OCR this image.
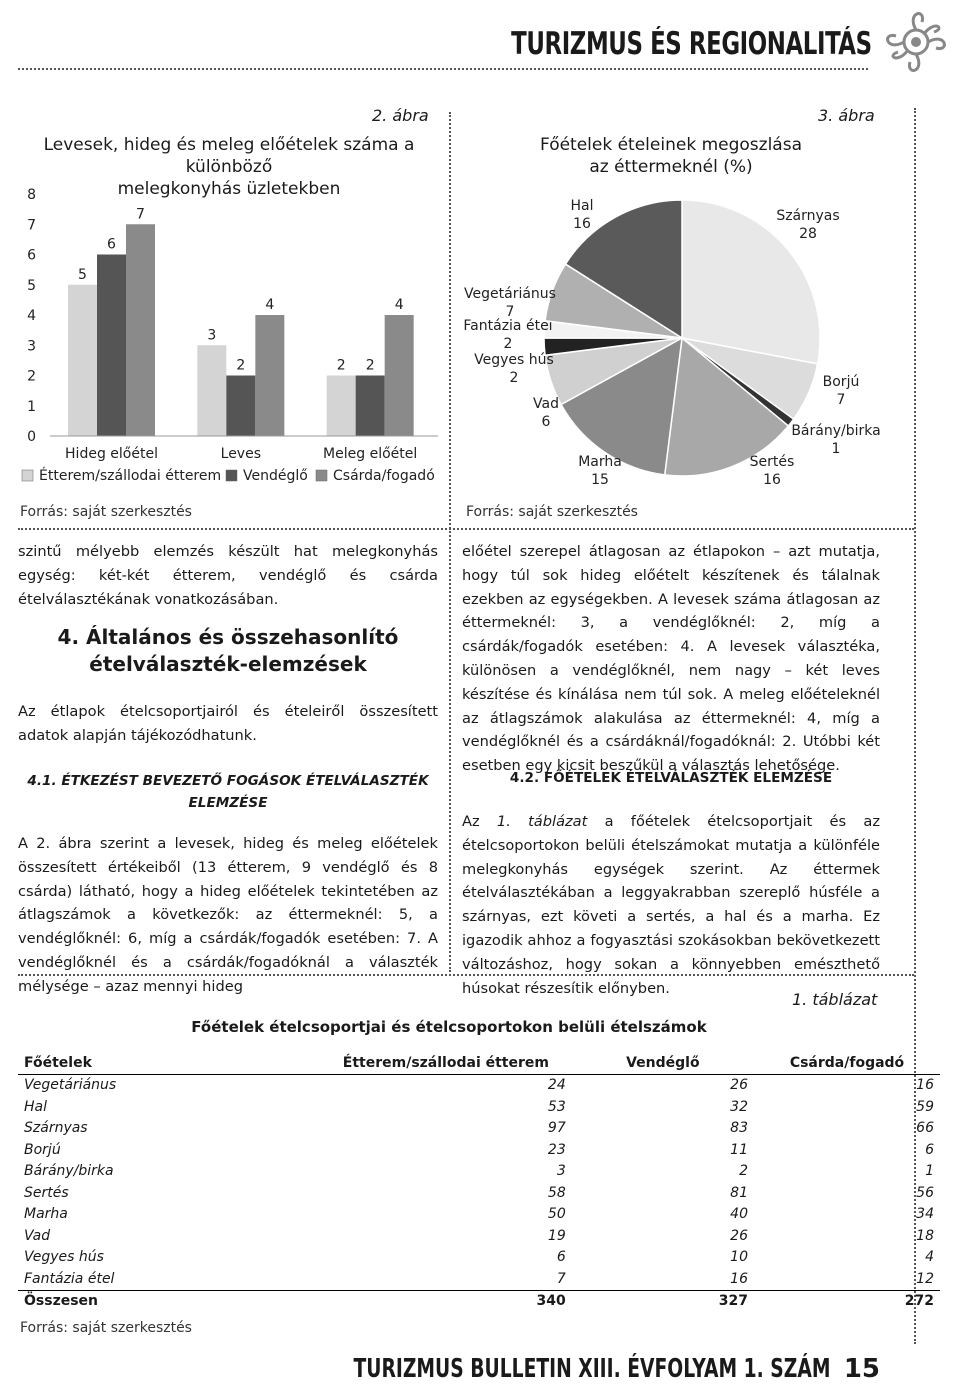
TURIZMUS ÉS REGIONALITÁS
2. ábra
Levesek, hideg és meleg előételek száma a különböző
melegkonyhás üzletekben
0
1
2
3
4
5
6
7
8
5
6
7
Hideg előétel
3
2
4
Leves
2 2
4
Meleg előétel
Étterem/szállodai étterem Vendéglő Csárda/fogadó
Forrás: saját szerkesztés
3. ábra
Főételek ételeinek megoszlása
az éttermeknél (%)
Szárnyas
28
Borjú
7
Bárány/birka
1
Sertés
16
Marha
15
Vad
6
Vegyes hús
2
Fantázia étel
2
Vegetáriánus
7
Hal
16
Forrás: saját szerkesztés
szintű mélyebb elemzés készült hat melegkonyhás egység: két-két étterem, vendéglő és csárda ételválasztékának vonatkozásában.
4. Általános és összehasonlító
ételválaszték-elemzések
Az étlapok ételcsoportjairól és ételeiről összesített adatok alapján tájékozódhatunk.
4.1. ÉTKEZÉST BEVEZETŐ FOGÁSOK ÉTELVÁLASZTÉK
ELEMZÉSE
A 2. ábra szerint a levesek, hideg és meleg előételek összesített értékeiből (13 étterem, 9 vendéglő és 8 csárda) látható, hogy a hideg előételek tekintetében az átlagszámok a következők: az éttermeknél: 5, a vendéglőknél: 6, míg a csárdák/fogadók esetében: 7. A vendéglőknél és a csárdák/fogadóknál a választék mélysége – azaz mennyi hideg
előétel szerepel átlagosan az étlapokon – azt mutatja, hogy túl sok hideg előételt készítenek és tálalnak ezekben az egységekben. A levesek száma átlagosan az éttermeknél: 3, a vendéglőknél: 2, míg a csárdák/fogadók esetében: 4. A levesek választéka, különösen a vendéglőknél, nem nagy – két leves készítése és kínálása nem túl sok. A meleg előételeknél az átlagszámok alakulása az éttermeknél: 4, míg a vendéglőknél és a csárdáknál/fogadóknál: 2. Utóbbi két esetben egy kicsit beszűkül a választás lehetősége.
4.2. FŐÉTELEK ÉTELVÁLASZTÉK ELEMZÉSE
Az 1. táblázat a főételek ételcsoportjait és az ételcsoportokon belüli ételszámokat mutatja a különféle melegkonyhás egységek szerint. Az éttermek ételválasztékában a leggyakrabban szereplő húsféle a szárnyas, ezt követi a sertés, a hal és a marha. Ez igazodik ahhoz a fogyasztási szokásokban bekövetkezett változáshoz, hogy sokan a könnyebben emészthető húsokat részesítik előnyben.
1. táblázat
Főételek ételcsoportjai és ételcsoportokon belüli ételszámok
Főételek	Étterem/szállodai étterem	Vendéglő	Csárda/fogadó
Vegetáriánus	24	26	16
Hal	53	32	59
Szárnyas	97	83	66
Borjú	23	11	6
Bárány/birka	3	2	1
Sertés	58	81	56
Marha	50	40	34
Vad	19	26	18
Vegyes hús	6	10	4
Fantázia étel	7	16	12
Összesen	340	327	272
Forrás: saját szerkesztés
TURIZMUS BULLETIN XIII. ÉVFOLYAM 1. SZÁM 15
